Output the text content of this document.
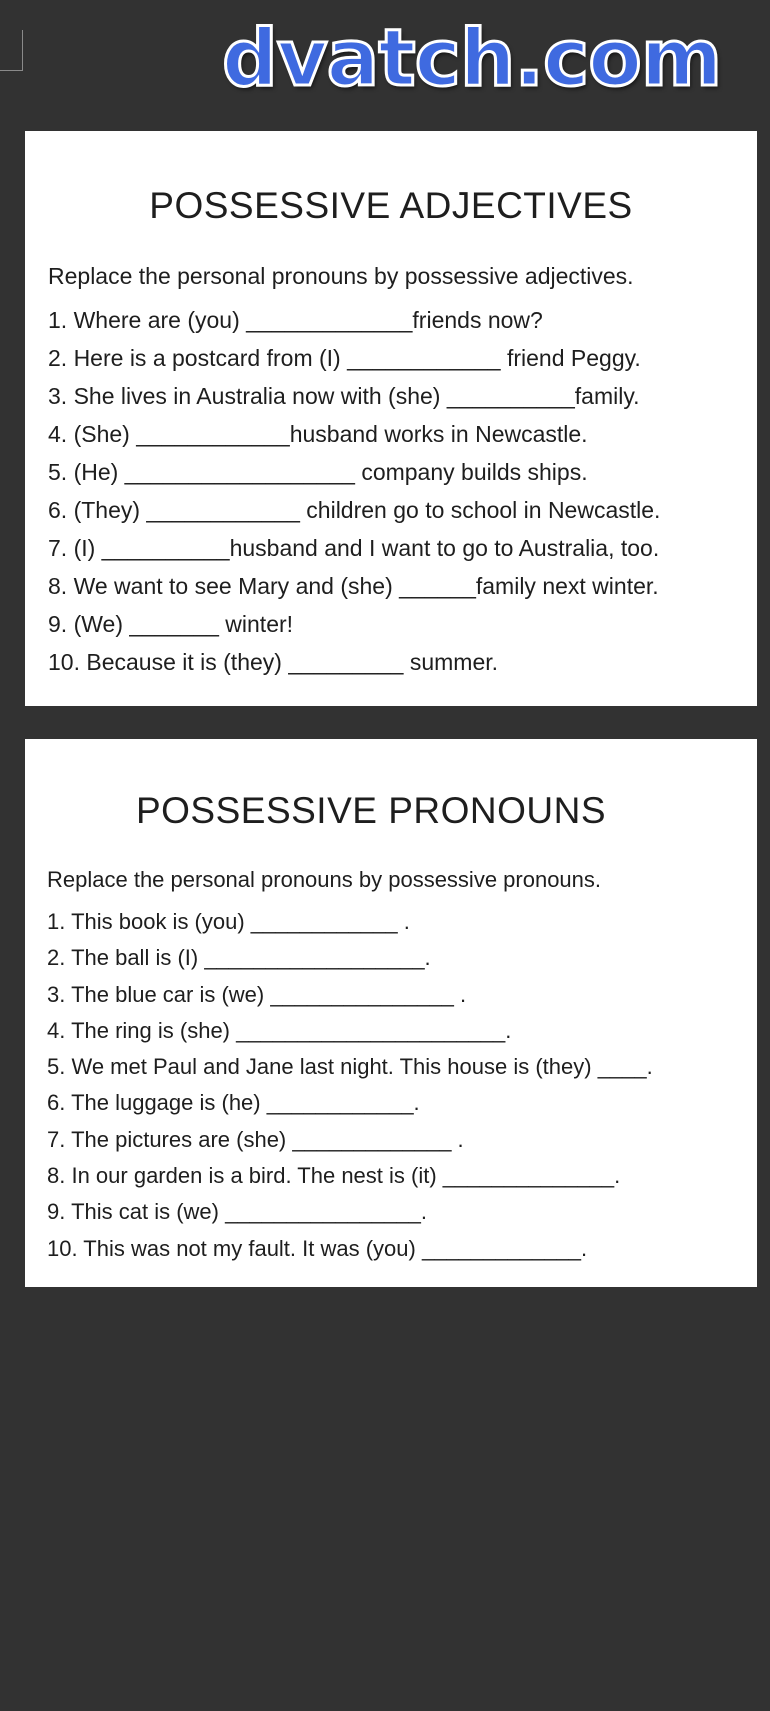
dvatch.com
POSSESSIVE ADJECTIVES

Replace the personal pronouns by possessive adjectives.

1. Where are (you) _____________friends now?
2. Here is a postcard from (I) ____________ friend Peggy.
3. She lives in Australia now with (she) __________family.
4. (She) ____________husband works in Newcastle.
5. (He) __________________ company builds ships.
6. (They) ____________ children go to school in Newcastle.
7. (I) __________husband and I want to go to Australia, too.
8. We want to see Mary and (she) ______family next winter.
9. (We) _______ winter!
10. Because it is (they) _________ summer.
POSSESSIVE PRONOUNS

Replace the personal pronouns by possessive pronouns.

1. This book is (you) ____________ .
2. The ball is (I) __________________.
3. The blue car is (we) _______________ .
4. The ring is (she) ______________________.
5. We met Paul and Jane last night. This house is (they) ____.
6. The luggage is (he) ____________.
7. The pictures are (she) _____________ .
8. In our garden is a bird. The nest is (it) ______________.
9. This cat is (we) ________________.
10. This was not my fault. It was (you) _____________.
